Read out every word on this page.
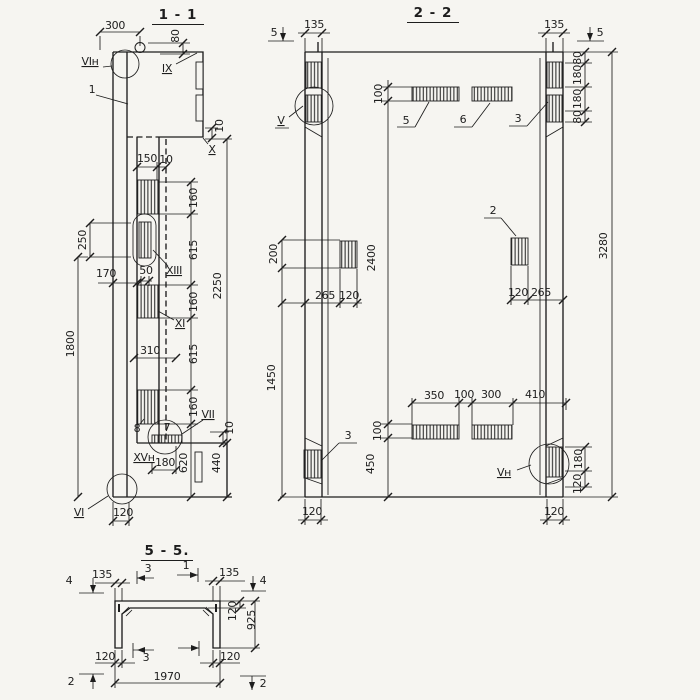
300
80
VIн
IX
1
10
X
150 10
160
615
160
615
160
2250
250
170 50 XIII
XI
310
1800
8 7
VII
10
XVн 180	440
620
VI	120
5
135	135
5
80
180
180
80
V	3
100
5	6
2400
200
265 120
2
120 265
3280
1450
350 100 300 410
100
450
3
Vн
180
120
120	120
4 135	3	1
135
4
120 925
120	3	120
1970
2	2
1 - 1	2 - 2
5 - 5.
